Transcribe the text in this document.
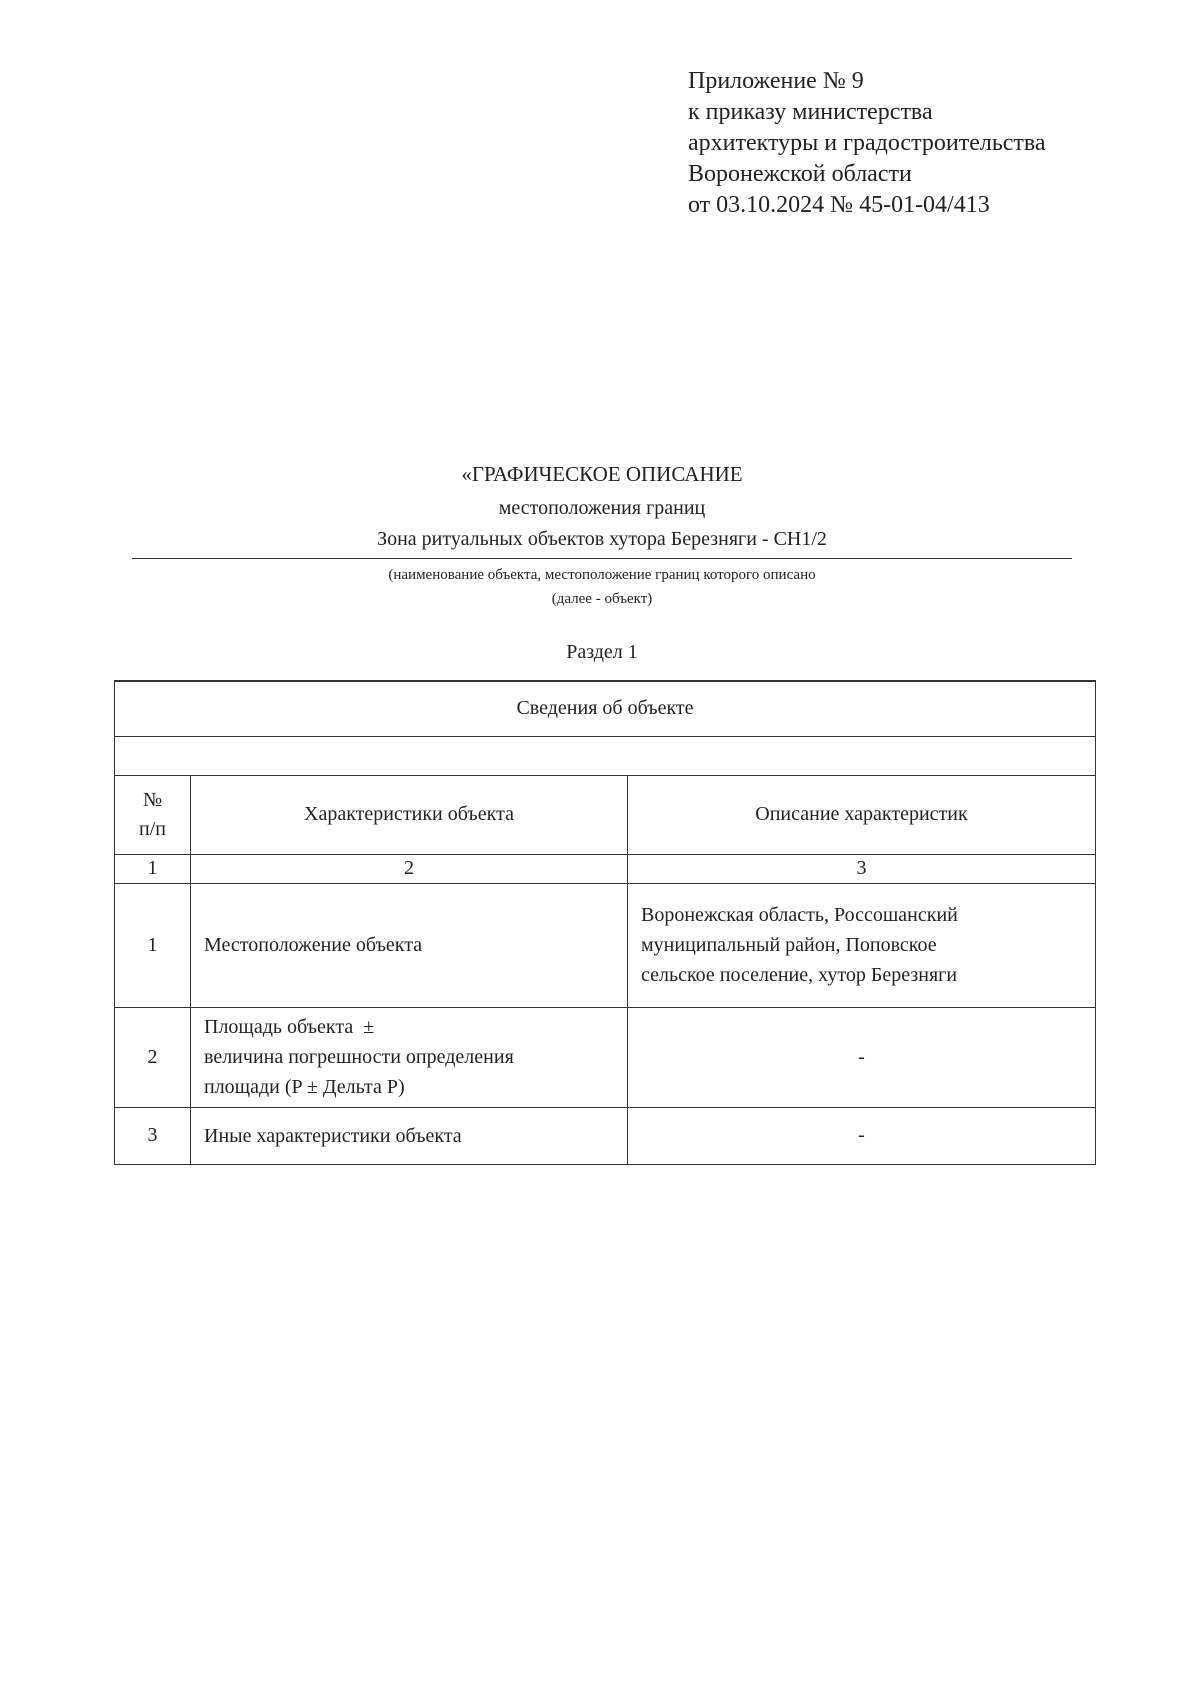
Приложение № 9
к приказу министерства
архитектуры и градостроительства
Воронежской области
от 03.10.2024 № 45-01-04/413
«ГРАФИЧЕСКОЕ ОПИСАНИЕ
местоположения границ
Зона ритуальных объектов хутора Березняги - СН1/2
(наименование объекта, местоположение границ которого описано
(далее - объект)
Раздел 1
Сведения об объекте		

№
п/п	Характеристики объекта	Описание характеристик
1	2	3
1	Местоположение объекта	Воронежская область, Россошанский
муниципальный район, Поповское
сельское поселение, хутор Березняги

2	Площадь объекта  ±
величина погрешности определения
площади (P ± Дельта P)	-
3	Иные характеристики объекта	-
